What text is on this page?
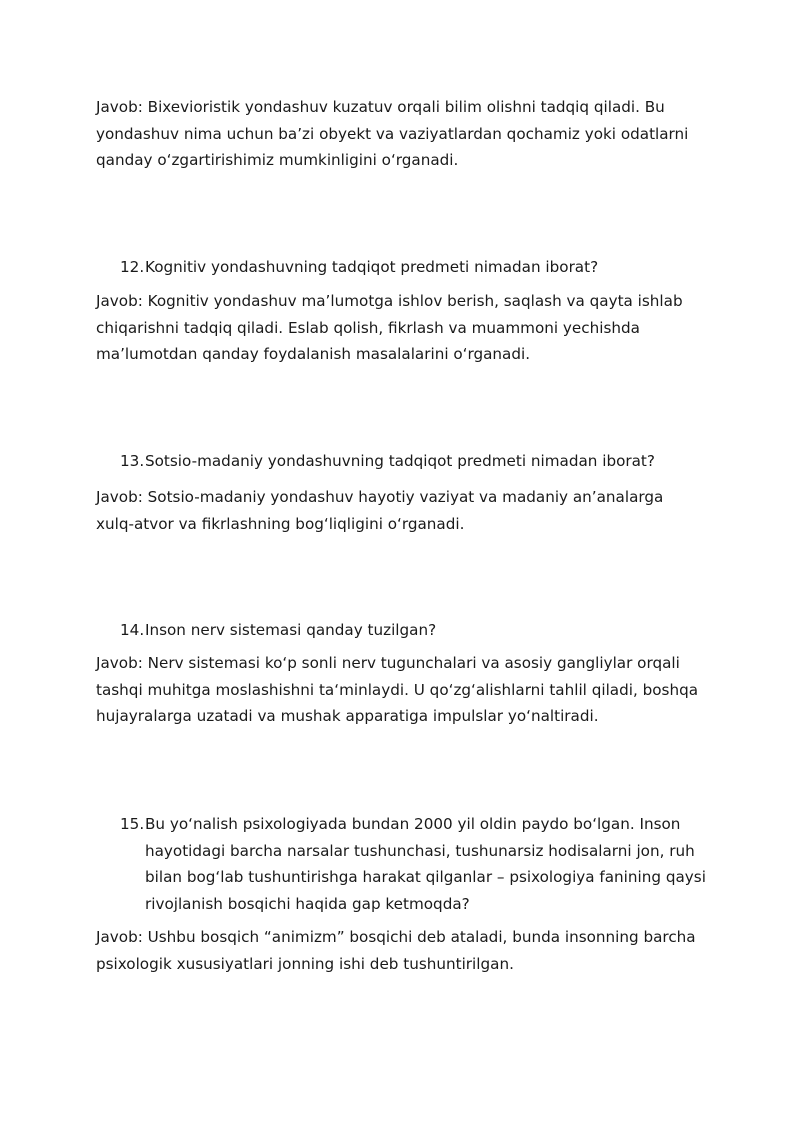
Javob: Bixevioristik yondashuv kuzatuv orqali bilim olishni tadqiq qiladi. Bu yondashuv nima uchun ba’zi obyekt va vaziyatlardan qochamiz yoki odatlarni qanday o‘zgartirishimiz mumkinligini o‘rganadi.

12. Kognitiv yondashuvning tadqiqot predmeti nimadan iborat?

Javob: Kognitiv yondashuv ma’lumotga ishlov berish, saqlash va qayta ishlab chiqarishni tadqiq qiladi. Eslab qolish, fikrlash va muammoni yechishda ma’lumotdan qanday foydalanish masalalarini o‘rganadi.

13. Sotsio-madaniy yondashuvning tadqiqot predmeti nimadan iborat?

Javob: Sotsio-madaniy yondashuv hayotiy vaziyat va madaniy an’analarga xulq-atvor va fikrlashning bog‘liqligini o‘rganadi.

14. Inson nerv sistemasi qanday tuzilgan?

Javob: Nerv sistemasi ko‘p sonli nerv tugunchalari va asosiy gangliylar orqali tashqi muhitga moslashishni ta‘minlaydi. U qo‘zg‘alishlarni tahlil qiladi, boshqa hujayralarga uzatadi va mushak apparatiga impulslar yo‘naltiradi.

15. Bu yo‘nalish psixologiyada bundan 2000 yil oldin paydo bo‘lgan. Inson hayotidagi barcha narsalar tushunchasi, tushunarsiz hodisalarni jon, ruh bilan bog‘lab tushuntirishga harakat qilganlar – psixologiya fanining qaysi rivojlanish bosqichi haqida gap ketmoqda?

Javob: Ushbu bosqich “animizm” bosqichi deb ataladi, bunda insonning barcha psixologik xususiyatlari jonning ishi deb tushuntirilgan.
